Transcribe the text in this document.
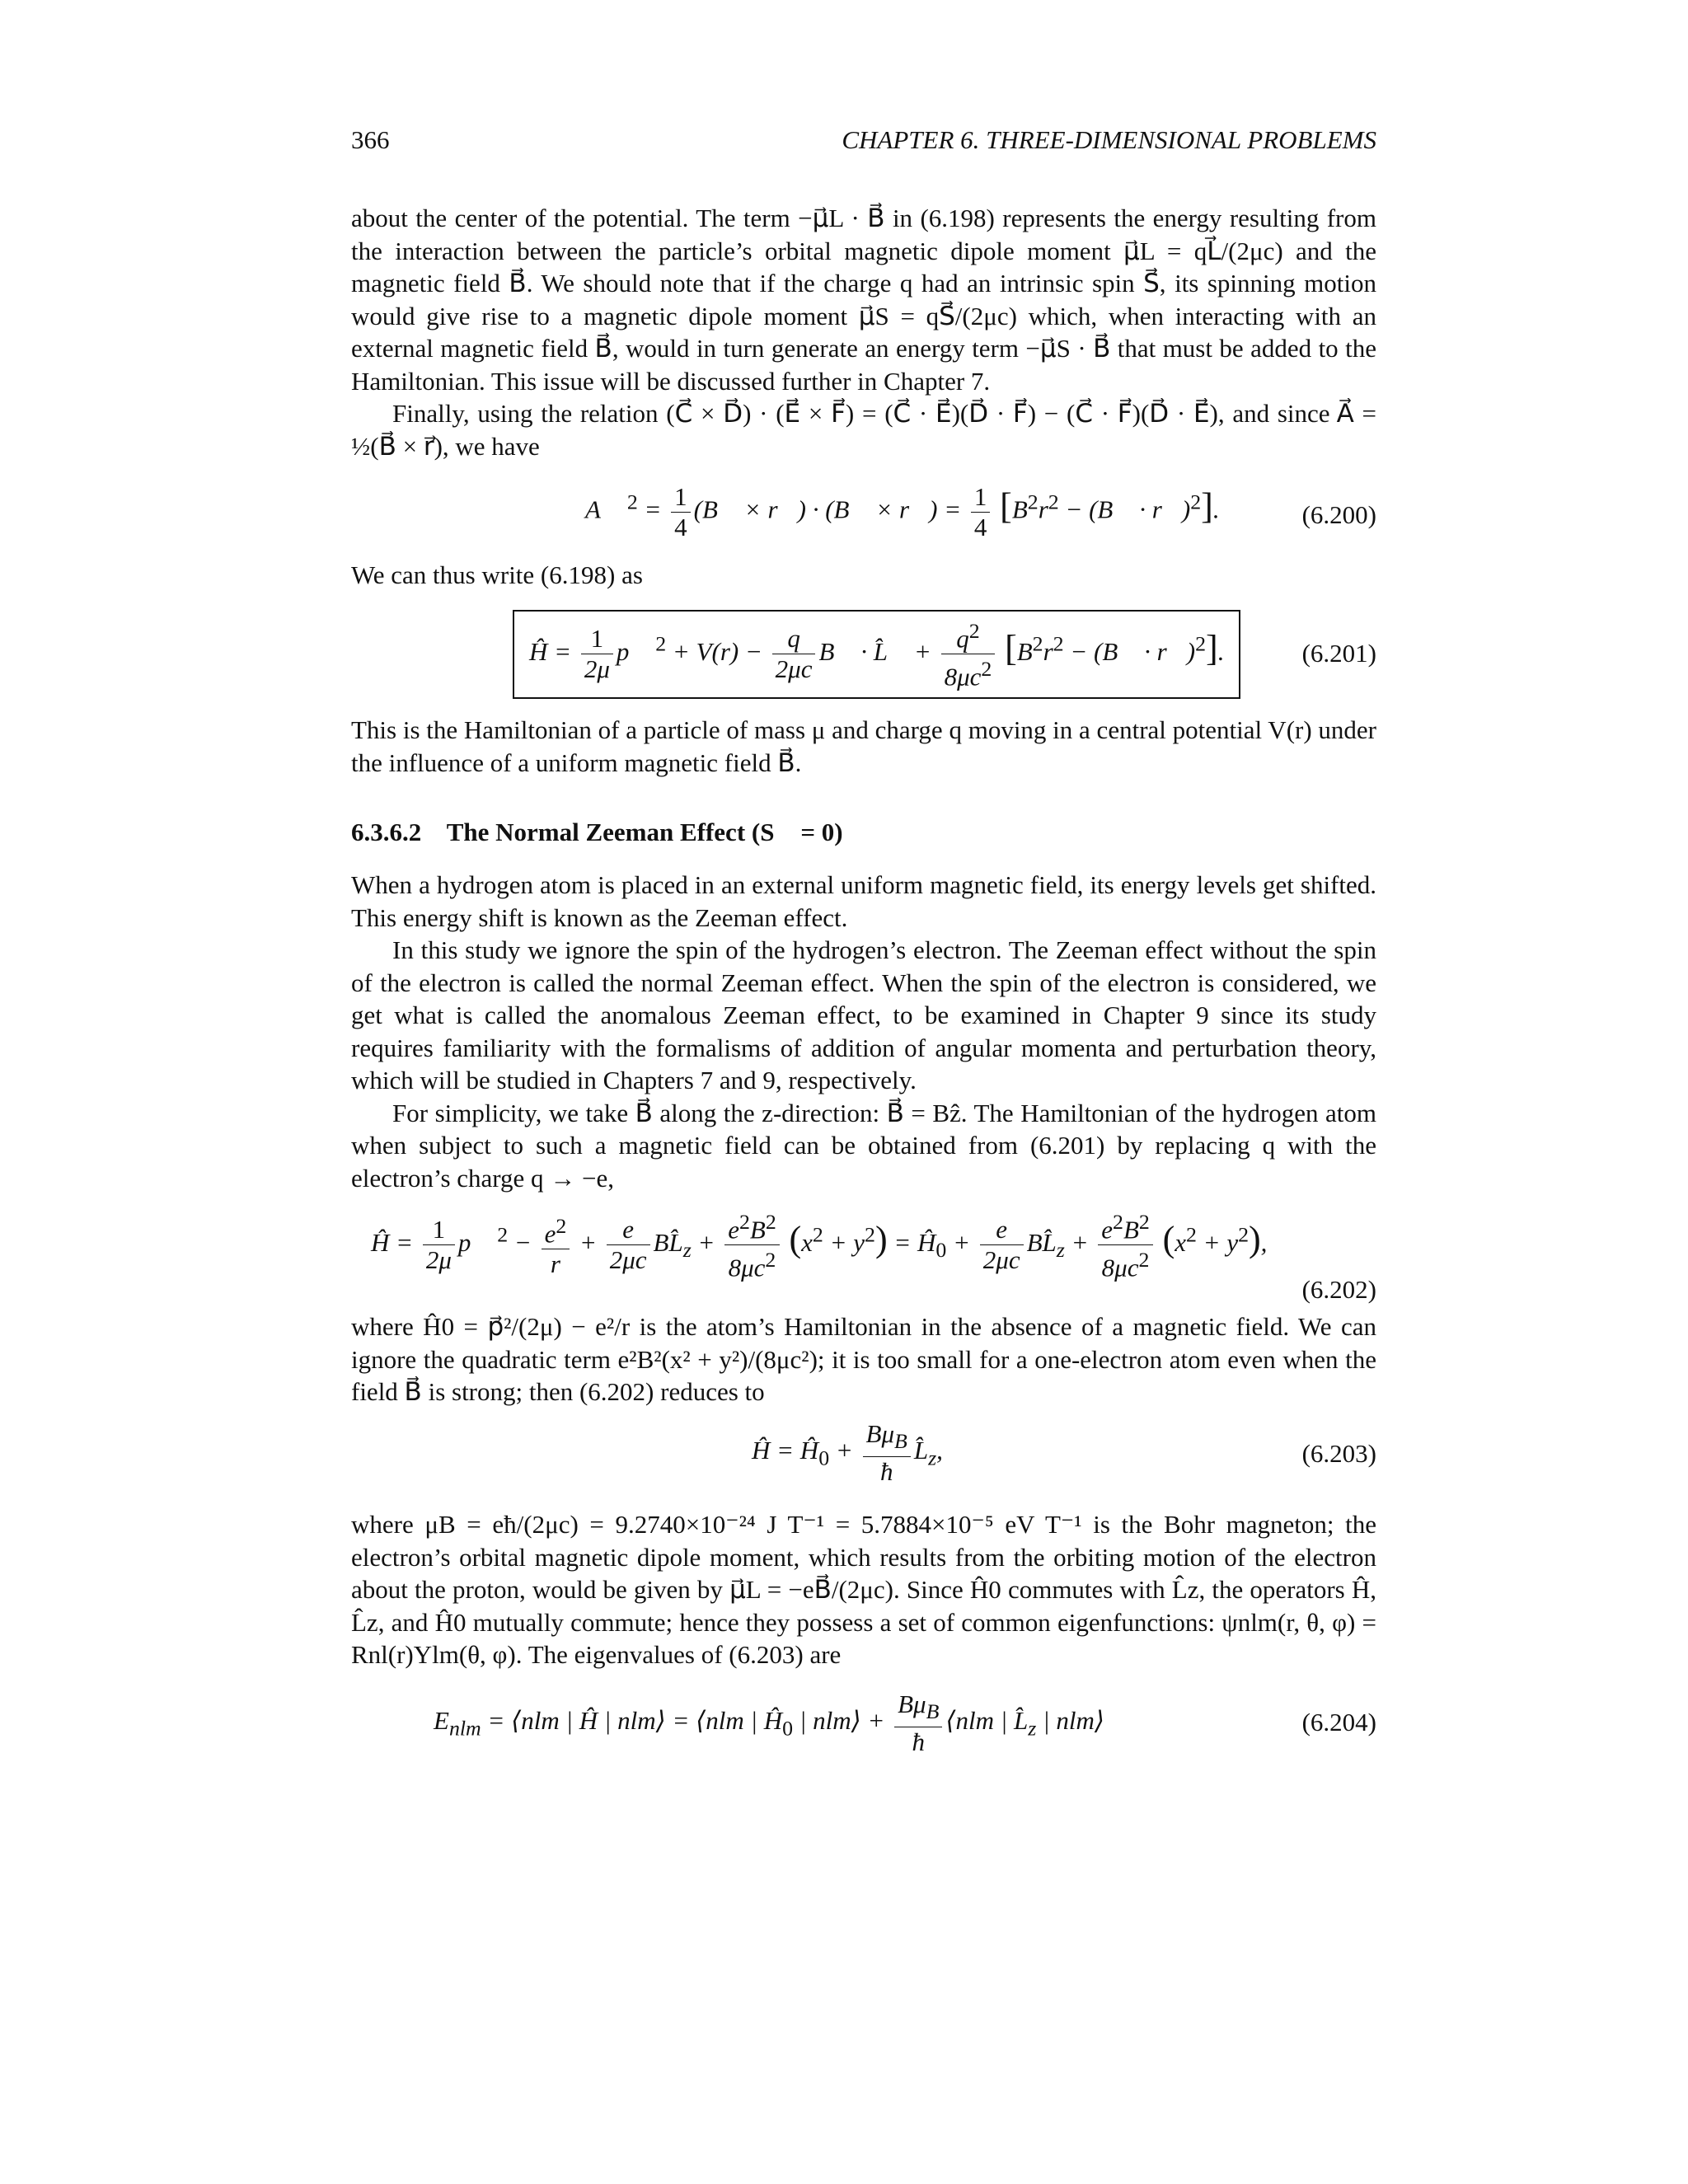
366	CHAPTER 6. THREE-DIMENSIONAL PROBLEMS

about the center of the potential. The term −μ⃗L · B⃗ in (6.198) represents the energy resulting from the interaction between the particle’s orbital magnetic dipole moment μ⃗L = qL⃗/(2μc) and the magnetic field B⃗. We should note that if the charge q had an intrinsic spin S⃗, its spinning motion would give rise to a magnetic dipole moment μ⃗S = qS⃗/(2μc) which, when interacting with an external magnetic field B⃗, would in turn generate an energy term −μ⃗S · B⃗ that must be added to the Hamiltonian. This issue will be discussed further in Chapter 7.

Finally, using the relation (C⃗ × D⃗) · (E⃗ × F⃗) = (C⃗ · E⃗)(D⃗ · F⃗) − (C⃗ · F⃗)(D⃗ · E⃗), and since A⃗ = ½(B⃗ × r⃗), we have

A⃗ $^2 = \frac{1}{4}$ (B⃗ × r⃗) · (B⃗ × r⃗) = $\frac{1}{4} [B^2r^2$ − (B⃗ · r⃗)$^2$].	(6.200)

We can thus write (6.198) as

Ĥ = $\frac{1}{2\mu}$ p⃗ $^2 + V(r) - \frac{q}{2\mu c}$ B⃗ · L̂⃗ + $\frac{q^2}{8\mu c^2} [B^2r^2$ − (B⃗ · r⃗)$^2$].	(6.201)

This is the Hamiltonian of a particle of mass μ and charge q moving in a central potential V(r) under the influence of a uniform magnetic field B⃗.

6.3.6.2 The Normal Zeeman Effect (S⃗ = 0)

When a hydrogen atom is placed in an external uniform magnetic field, its energy levels get shifted. This energy shift is known as the Zeeman effect.

In this study we ignore the spin of the hydrogen’s electron. The Zeeman effect without the spin of the electron is called the normal Zeeman effect. When the spin of the electron is considered, we get what is called the anomalous Zeeman effect, to be examined in Chapter 9 since its study requires familiarity with the formalisms of addition of angular momenta and perturbation theory, which will be studied in Chapters 7 and 9, respectively.

For simplicity, we take B⃗ along the z-direction: B⃗ = Bẑ. The Hamiltonian of the hydrogen atom when subject to such a magnetic field can be obtained from (6.201) by replacing q with the electron’s charge q → −e,

Ĥ = $\frac{1}{2\mu}$ p⃗ $^2 - \frac{e^2}{r} + \frac{e}{2\mu c}$ $BL̂_z + \frac{e^2B^2}{8\mu c^2} (x^2 + y^2)$ = $Ĥ_0 + \frac{e}{2\mu c}$ $BL̂_z + \frac{e^2B^2}{8\mu c^2} (x^2 + y^2)$,
(6.202)

where Ĥ0 = p⃗²/(2μ) − e²/r is the atom’s Hamiltonian in the absence of a magnetic field. We can ignore the quadratic term e²B²(x² + y²)/(8μc²); it is too small for a one-electron atom even when the field B⃗ is strong; then (6.202) reduces to

Ĥ = $Ĥ_0 + \frac{B\mu_B}{ħ}$ $L̂_z$,	(6.203)

where μB = eħ/(2μc) = 9.2740×10⁻²⁴ J T⁻¹ = 5.7884×10⁻⁵ eV T⁻¹ is the Bohr magneton; the electron’s orbital magnetic dipole moment, which results from the orbiting motion of the electron about the proton, would be given by μ⃗L = −eB⃗/(2μc). Since Ĥ0 commutes with L̂z, the operators Ĥ, L̂z, and Ĥ0 mutually commute; hence they possess a set of common eigenfunctions: ψnlm(r, θ, φ) = Rnl(r)Ylm(θ, φ). The eigenvalues of (6.203) are

$E_{nlm}$ = ⟨nlm | Ĥ | nlm⟩ = ⟨nlm | $Ĥ_0$ | nlm⟩ + $\frac{B\mu_B}{ħ}$ ⟨nlm | $L̂_z$ | nlm⟩	(6.204)
